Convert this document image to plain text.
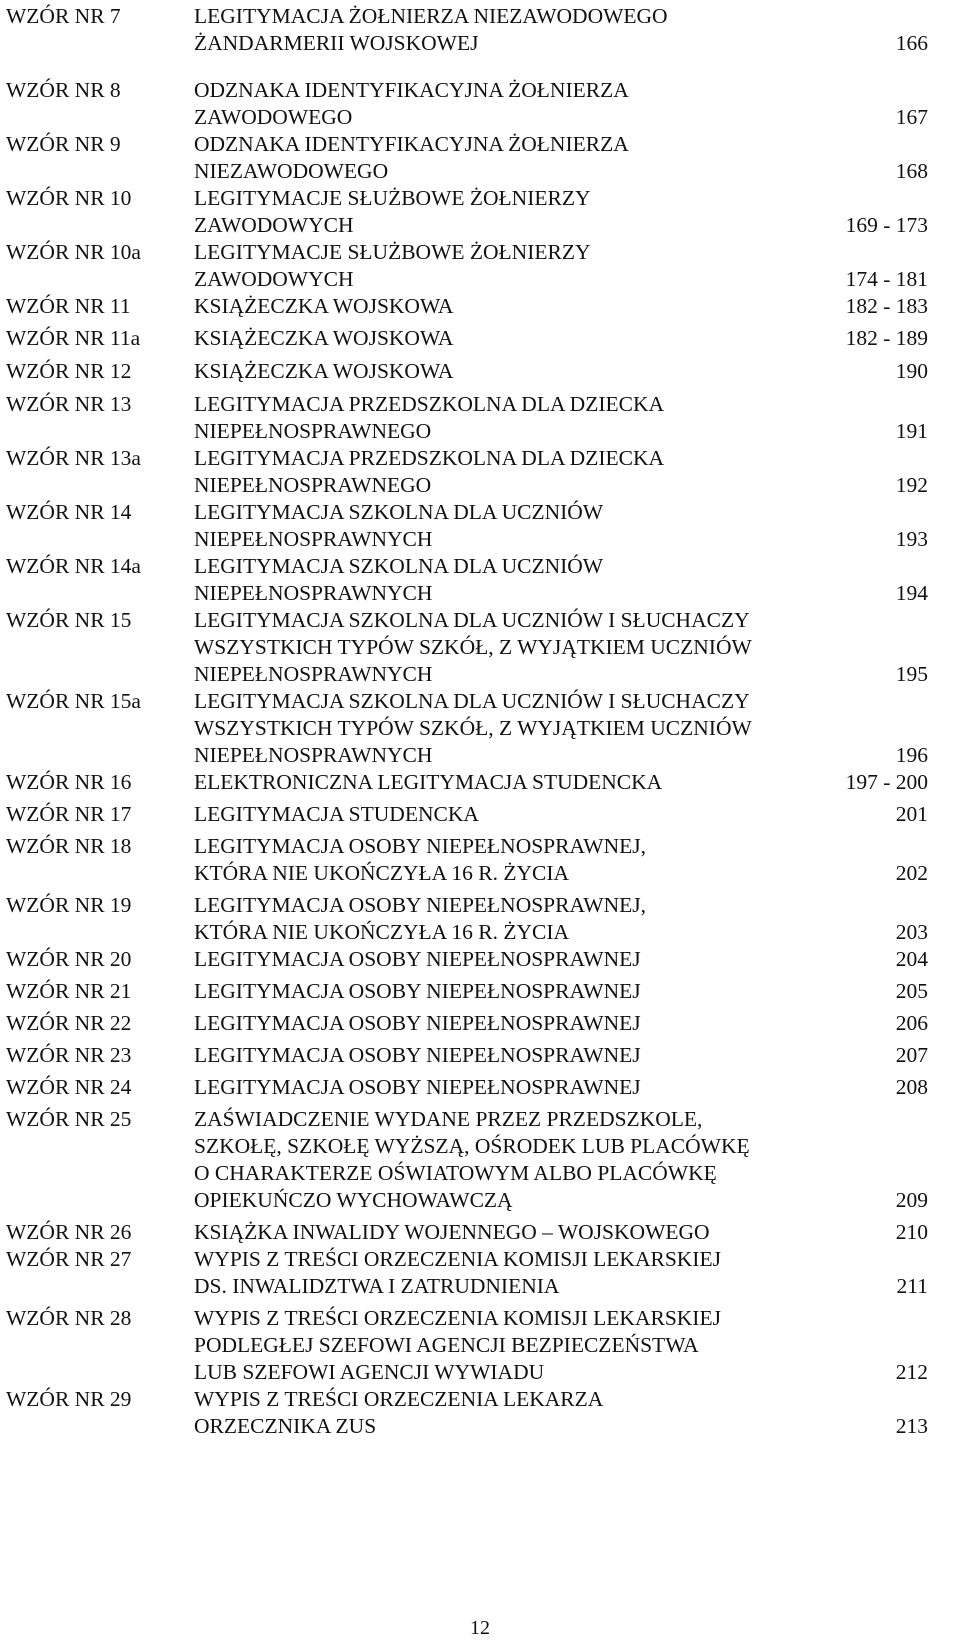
WZÓR NR 7	LEGITYMACJA ŻOŁNIERZA NIEZAWODOWEGO
ŻANDARMERII WOJSKOWEJ	166
WZÓR NR 8	ODZNAKA IDENTYFIKACYJNA ŻOŁNIERZA
ZAWODOWEGO	167
WZÓR NR 9	ODZNAKA IDENTYFIKACYJNA ŻOŁNIERZA
NIEZAWODOWEGO	168
WZÓR NR 10	LEGITYMACJE SŁUŻBOWE ŻOŁNIERZY
ZAWODOWYCH	169 - 173
WZÓR NR 10a	LEGITYMACJE SŁUŻBOWE ŻOŁNIERZY
ZAWODOWYCH	174 - 181
WZÓR NR 11	KSIĄŻECZKA WOJSKOWA	182 - 183
WZÓR NR 11a	KSIĄŻECZKA WOJSKOWA	182 - 189
WZÓR NR 12	KSIĄŻECZKA WOJSKOWA	190
WZÓR NR 13	LEGITYMACJA PRZEDSZKOLNA DLA DZIECKA
NIEPEŁNOSPRAWNEGO	191
WZÓR NR 13a	LEGITYMACJA PRZEDSZKOLNA DLA DZIECKA
NIEPEŁNOSPRAWNEGO	192
WZÓR NR 14	LEGITYMACJA SZKOLNA DLA UCZNIÓW
NIEPEŁNOSPRAWNYCH	193
WZÓR NR 14a	LEGITYMACJA SZKOLNA DLA UCZNIÓW
NIEPEŁNOSPRAWNYCH	194
WZÓR NR 15	LEGITYMACJA SZKOLNA DLA UCZNIÓW I SŁUCHACZY
WSZYSTKICH TYPÓW SZKÓŁ, Z WYJĄTKIEM UCZNIÓW
NIEPEŁNOSPRAWNYCH	195
WZÓR NR 15a	LEGITYMACJA SZKOLNA DLA UCZNIÓW I SŁUCHACZY
WSZYSTKICH TYPÓW SZKÓŁ, Z WYJĄTKIEM UCZNIÓW
NIEPEŁNOSPRAWNYCH	196
WZÓR NR 16	ELEKTRONICZNA LEGITYMACJA STUDENCKA	197 - 200
WZÓR NR 17	LEGITYMACJA STUDENCKA	201
WZÓR NR 18	LEGITYMACJA OSOBY NIEPEŁNOSPRAWNEJ,
KTÓRA NIE UKOŃCZYŁA 16 R. ŻYCIA	202
WZÓR NR 19	LEGITYMACJA OSOBY NIEPEŁNOSPRAWNEJ,
KTÓRA NIE UKOŃCZYŁA 16 R. ŻYCIA	203
WZÓR NR 20	LEGITYMACJA OSOBY NIEPEŁNOSPRAWNEJ	204
WZÓR NR 21	LEGITYMACJA OSOBY NIEPEŁNOSPRAWNEJ	205
WZÓR NR 22	LEGITYMACJA OSOBY NIEPEŁNOSPRAWNEJ	206
WZÓR NR 23	LEGITYMACJA OSOBY NIEPEŁNOSPRAWNEJ	207
WZÓR NR 24	LEGITYMACJA OSOBY NIEPEŁNOSPRAWNEJ	208
WZÓR NR 25	ZAŚWIADCZENIE WYDANE PRZEZ PRZEDSZKOLE,
SZKOŁĘ, SZKOŁĘ WYŻSZĄ, OŚRODEK LUB PLACÓWKĘ
O CHARAKTERZE OŚWIATOWYM ALBO PLACÓWKĘ
OPIEKUŃCZO WYCHOWAWCZĄ	209
WZÓR NR 26	KSIĄŻKA INWALIDY WOJENNEGO – WOJSKOWEGO	210
WZÓR NR 27	WYPIS Z TREŚCI ORZECZENIA KOMISJI LEKARSKIEJ
DS. INWALIDZTWA I ZATRUDNIENIA	211
WZÓR NR 28	WYPIS Z TREŚCI ORZECZENIA KOMISJI LEKARSKIEJ
PODLEGŁEJ SZEFOWI AGENCJI BEZPIECZEŃSTWA
LUB SZEFOWI AGENCJI WYWIADU	212
WZÓR NR 29	WYPIS Z TREŚCI ORZECZENIA LEKARZA
ORZECZNIKA ZUS	213
12
